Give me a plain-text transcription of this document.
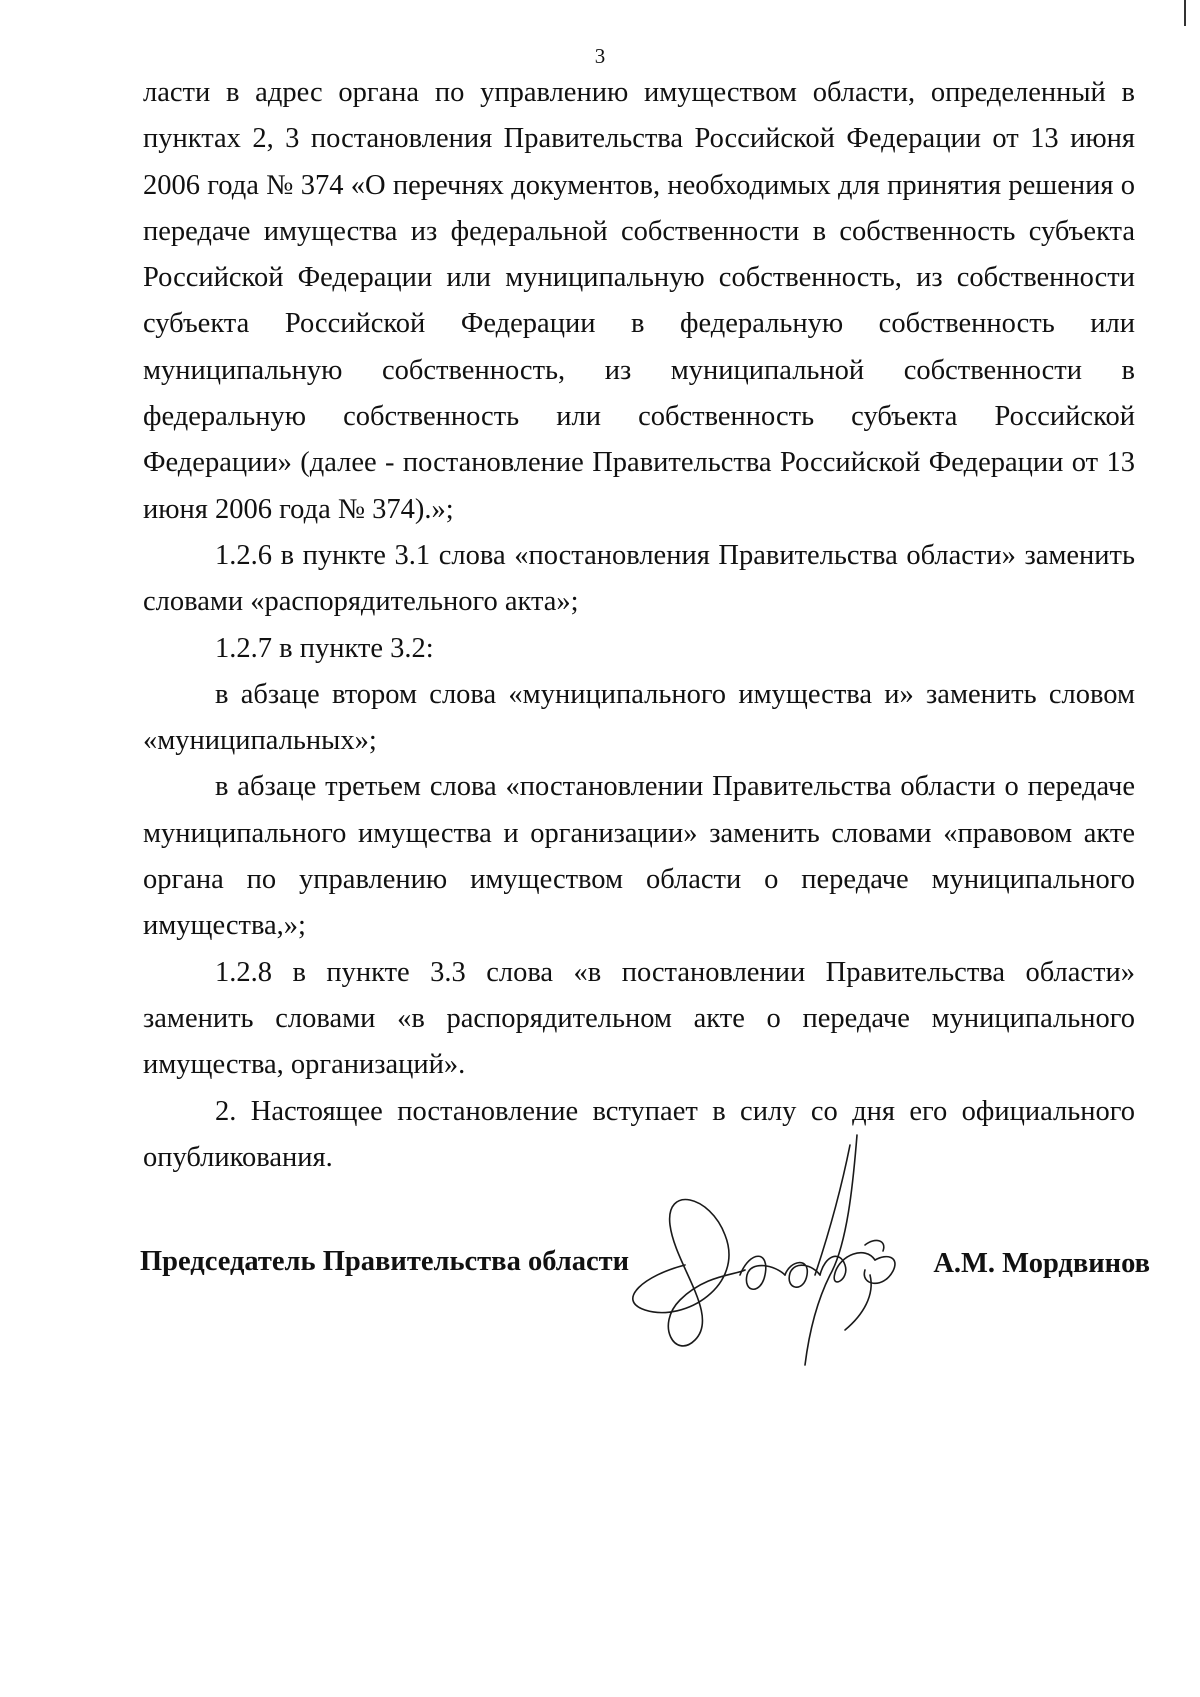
3

ласти в адрес органа по управлению имуществом области, определенный в пунктах 2, 3 постановления Правительства Российской Федерации от 13 июня 2006 года № 374 «О перечнях документов, необходимых для принятия решения о передаче имущества из федеральной собственности в собственность субъекта Российской Федерации или муниципальную собственность, из собственности субъекта Российской Федерации в федеральную собственность или муниципальную собственность, из муниципальной собственности в федеральную собственность или собственность субъекта Российской Федерации» (далее - постановление Правительства Российской Федерации от 13 июня 2006 года № 374).»;

1.2.6 в пункте 3.1 слова «постановления Правительства области» заменить словами «распорядительного акта»;

1.2.7 в пункте 3.2:

в абзаце втором слова «муниципального имущества и» заменить словом «муниципальных»;

в абзаце третьем слова «постановлении Правительства области о передаче муниципального имущества и организации» заменить словами «правовом акте органа по управлению имуществом области о передаче муниципального имущества,»;

1.2.8 в пункте 3.3 слова «в постановлении Правительства области» заменить словами «в распорядительном акте о передаче муниципального имущества, организаций».

2. Настоящее постановление вступает в силу со дня его официального опубликования.

Председатель Правительства области	А.М. Мордвинов
